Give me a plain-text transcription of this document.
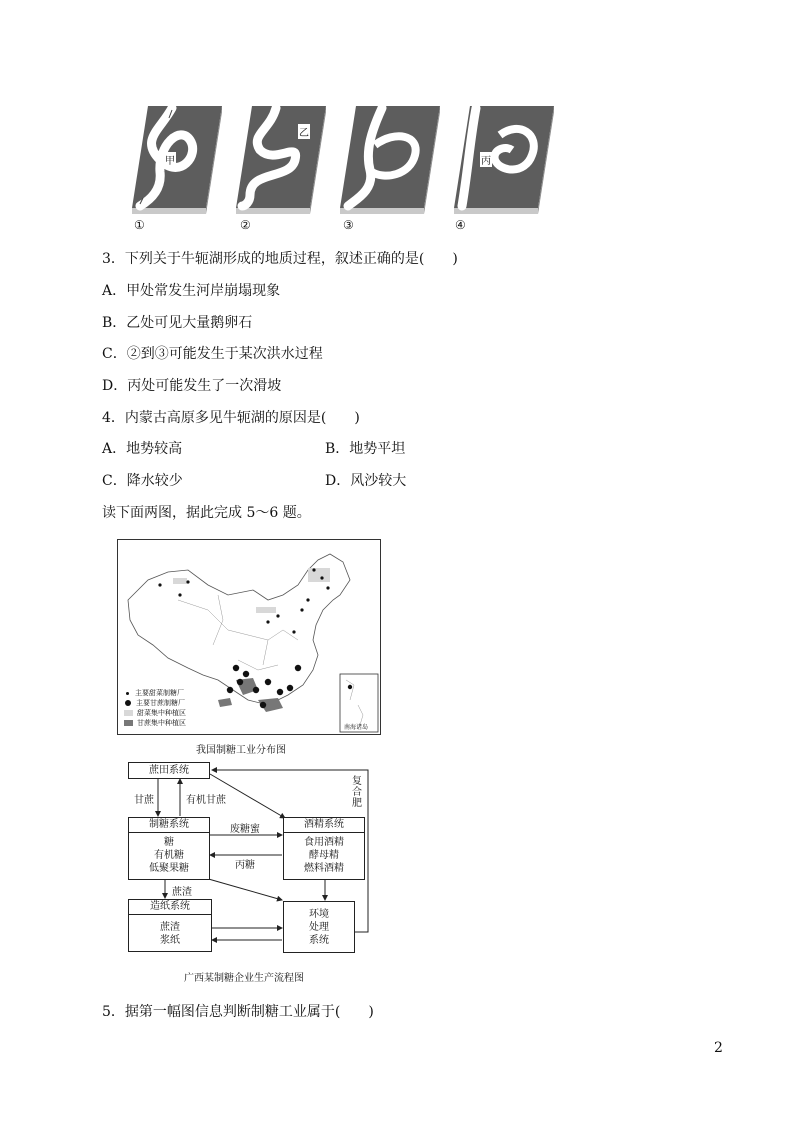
甲
乙
丙
①	②	③	④
3．下列关于牛轭湖形成的地质过程，叙述正确的是(　　)
A．甲处常发生河岸崩塌现象
B．乙处可见大量鹅卵石
C．②到③可能发生于某次洪水过程
D．丙处可能发生了一次滑坡
4．内蒙古高原多见牛轭湖的原因是(　　)
A．地势较高	B．地势平坦
C．降水较少	D．风沙较大
读下面两图，据此完成 5～6 题。
南海诸岛
主要甜菜制糖厂
主要甘蔗制糖厂
甜菜集中种植区
甘蔗集中种植区
我国制糖工业分布图
蔗田系统
制糖系统
糖
有机糖
低聚果糖
酒精系统
食用酒精
酵母精
燃料酒精
造纸系统
蔗渣
浆纸
环境
处理
系统
甘蔗	有机甘蔗
废糖蜜
丙糖
蔗渣
复合肥
广西某制糖企业生产流程图
5．据第一幅图信息判断制糖工业属于(　　)
2
